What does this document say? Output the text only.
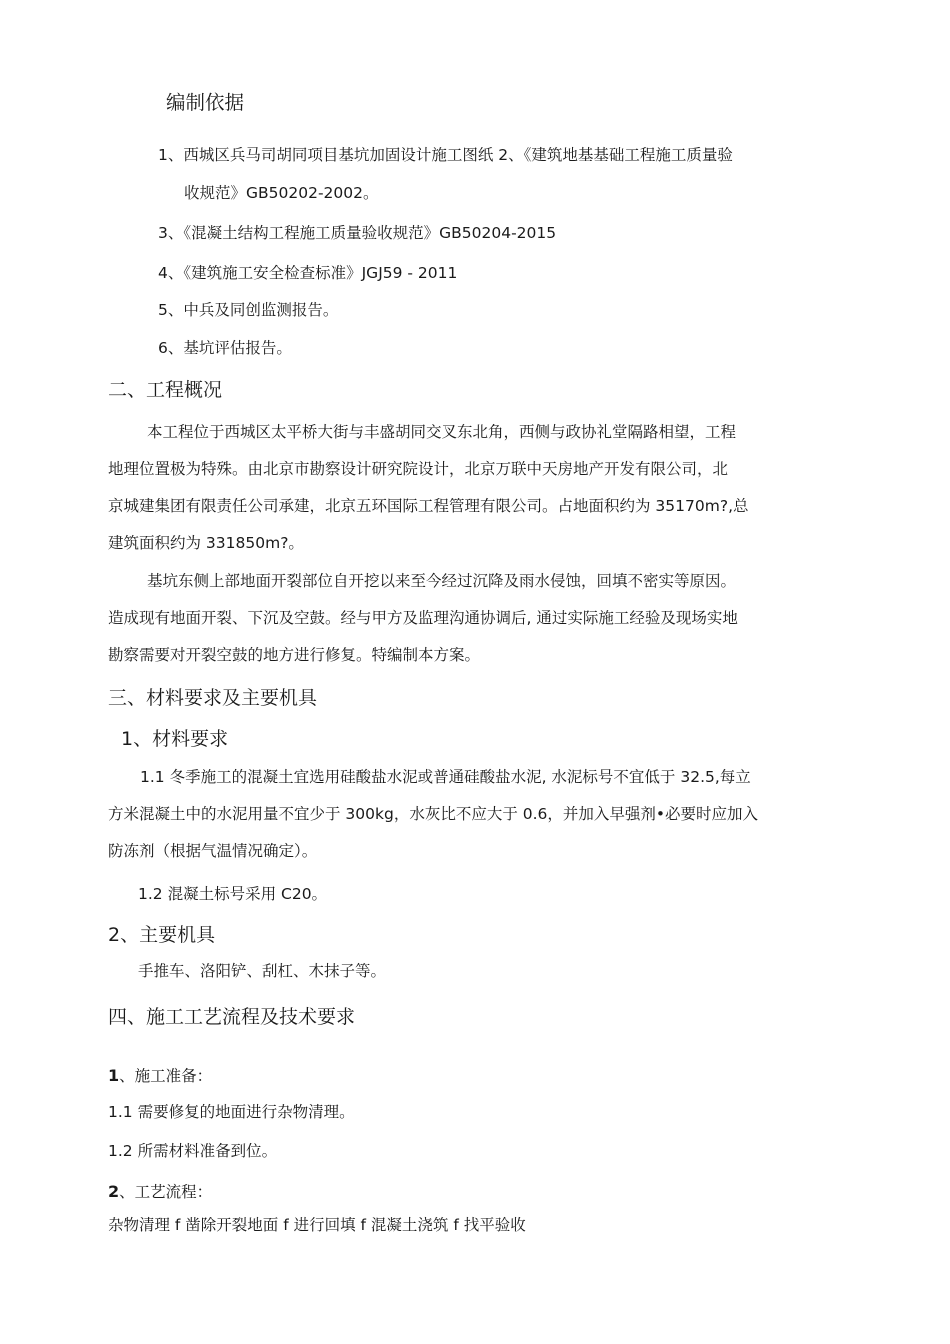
编制依据

1、西城区兵马司胡同项目基坑加固设计施工图纸 2、《建筑地基基础工程施工质量验

收规范》GB50202-2002。

3、《混凝土结构工程施工质量验收规范》GB50204-2015

4、《建筑施工安全检查标准》JGJ59 - 2011

5、中兵及同创监测报告。

6、基坑评估报告。

二、工程概况

本工程位于西城区太平桥大街与丰盛胡同交叉东北角，西侧与政协礼堂隔路相望，工程

地理位置极为特殊。由北京市勘察设计研究院设计，北京万联中天房地产开发有限公司，北

京城建集团有限责任公司承建，北京五环国际工程管理有限公司。占地面积约为 35170m?,总

建筑面积约为 331850m?。

基坑东侧上部地面开裂部位自开挖以来至今经过沉降及雨水侵蚀，回填不密实等原因。

造成现有地面开裂、下沉及空鼓。经与甲方及监理沟通协调后, 通过实际施工经验及现场实地

勘察需要对开裂空鼓的地方进行修复。特编制本方案。

三、材料要求及主要机具

1、材料要求

1.1 冬季施工的混凝土宜选用硅酸盐水泥或普通硅酸盐水泥, 水泥标号不宜低于 32.5,每立

方米混凝土中的水泥用量不宜少于 300kg，水灰比不应大于 0.6，并加入早强剂•必要时应加入

防冻剂（根据气温情况确定）。

1.2 混凝土标号采用 C20。

2、主要机具

手推车、洛阳铲、刮杠、木抹子等。

四、施工工艺流程及技术要求

1、施工准备：

1.1 需要修复的地面进行杂物清理。

1.2 所需材料准备到位。

2、工艺流程：

杂物清理 f 凿除开裂地面 f 进行回填 f 混凝土浇筑 f 找平验收
